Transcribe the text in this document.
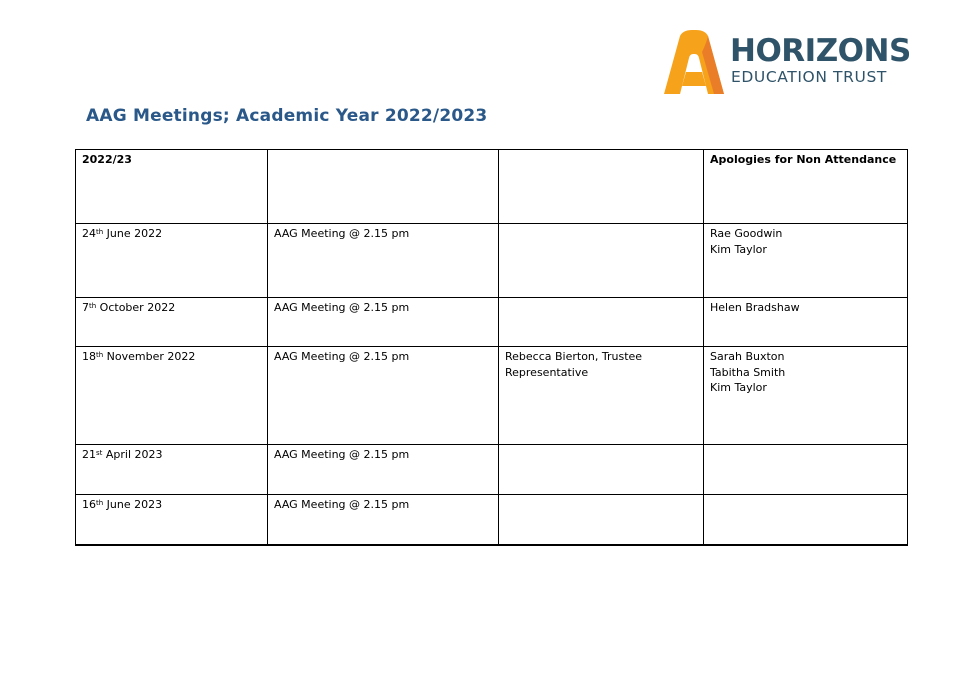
HORIZONS
EDUCATION TRUST
AAG Meetings; Academic Year 2022/2023
2022/23			Apologies for Non Attendance
24th June 2022	AAG Meeting @ 2.15 pm		Rae Goodwin
Kim Taylor

7th October 2022	AAG Meeting @ 2.15 pm		Helen Bradshaw

18th November 2022	AAG Meeting @ 2.15 pm	Rebecca Bierton, Trustee
Representative	Sarah Buxton
Tabitha Smith
Kim Taylor

21st April 2023	AAG Meeting @ 2.15 pm		
16th June 2023	AAG Meeting @ 2.15 pm		
